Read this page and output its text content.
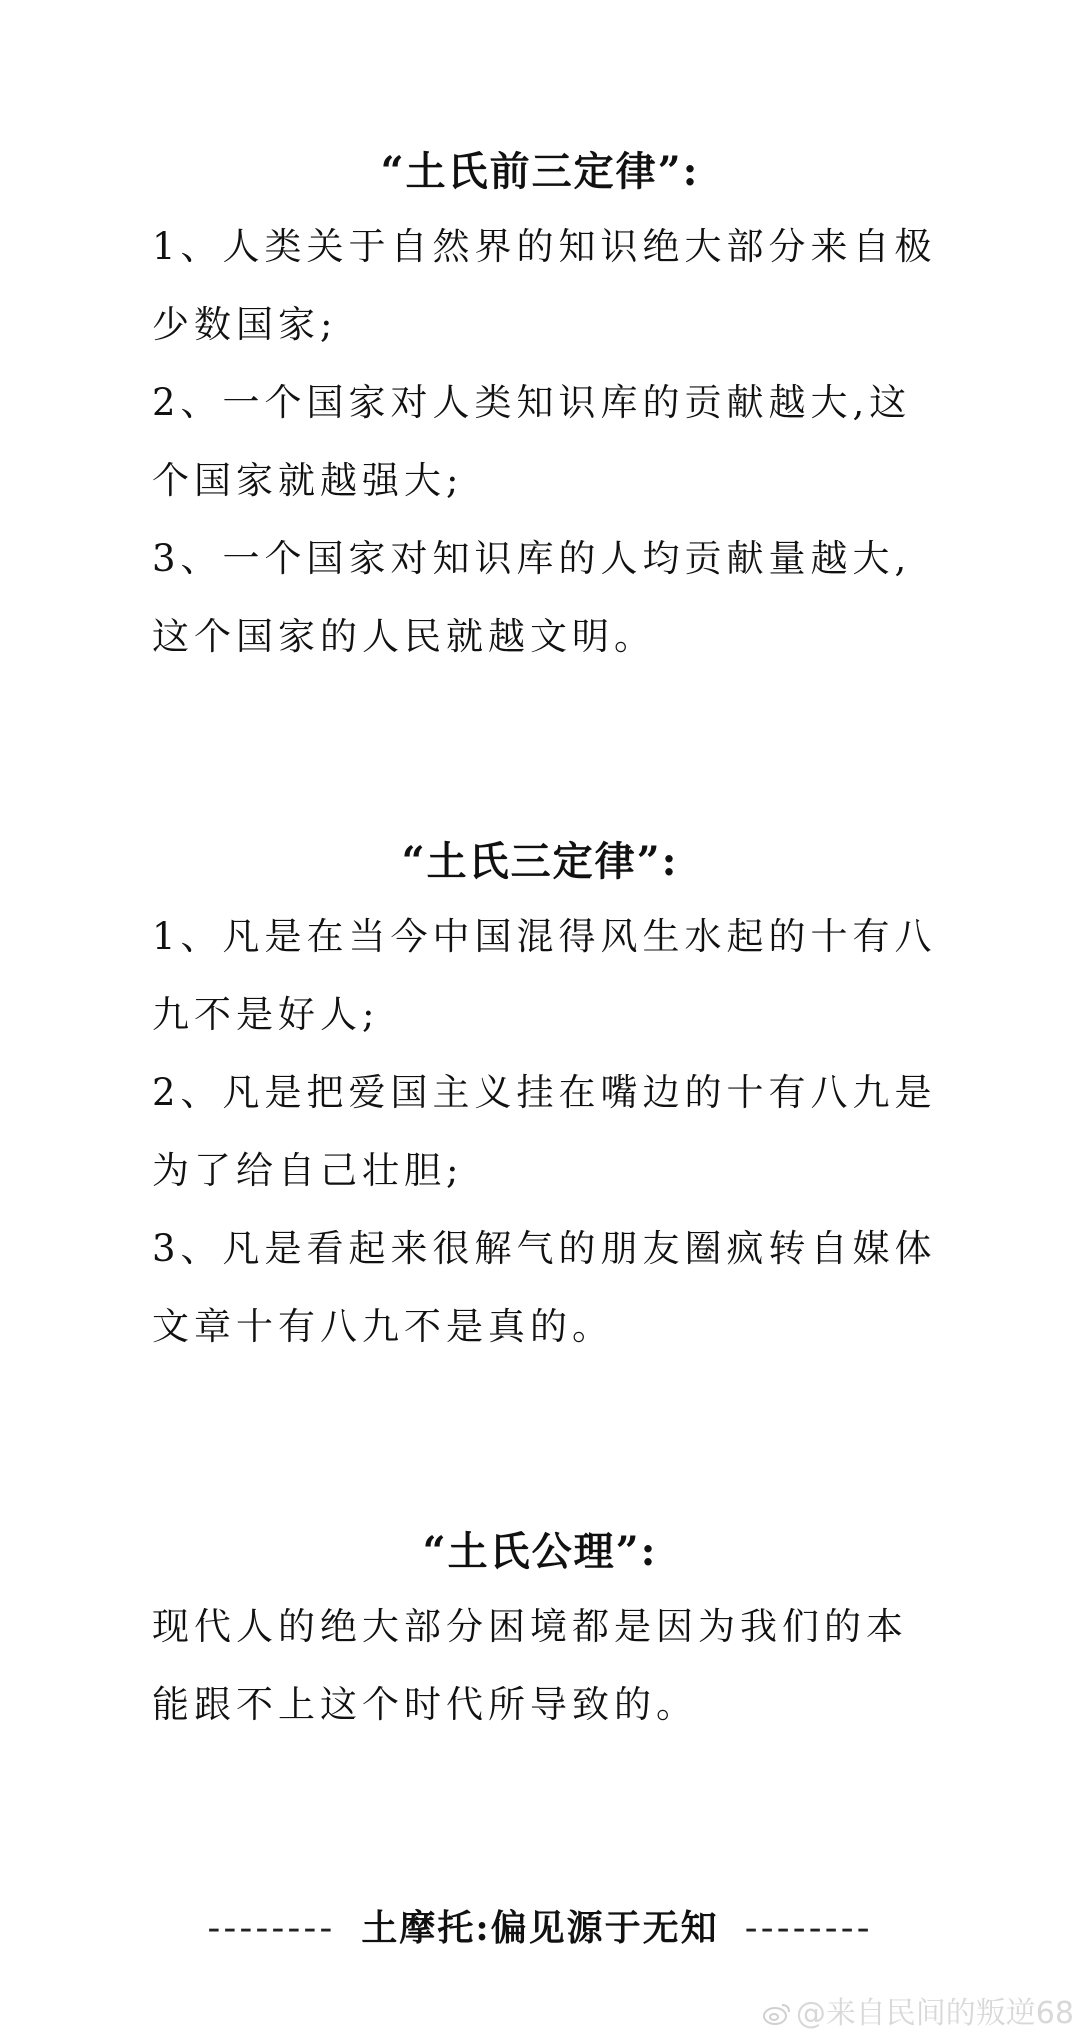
“土氏前三定律”:
1、人类关于自然界的知识绝大部分来自极少数国家;
2、一个国家对人类知识库的贡献越大,这个国家就越强大;
3、一个国家对知识库的人均贡献量越大,这个国家的人民就越文明。
“土氏三定律”:
1、凡是在当今中国混得风生水起的十有八九不是好人;
2、凡是把爱国主义挂在嘴边的十有八九是为了给自己壮胆;
3、凡是看起来很解气的朋友圈疯转自媒体文章十有八九不是真的。
“土氏公理”:
现代人的绝大部分困境都是因为我们的本能跟不上这个时代所导致的。
-------- 土摩托:偏见源于无知 --------
@来自民间的叛逆68
